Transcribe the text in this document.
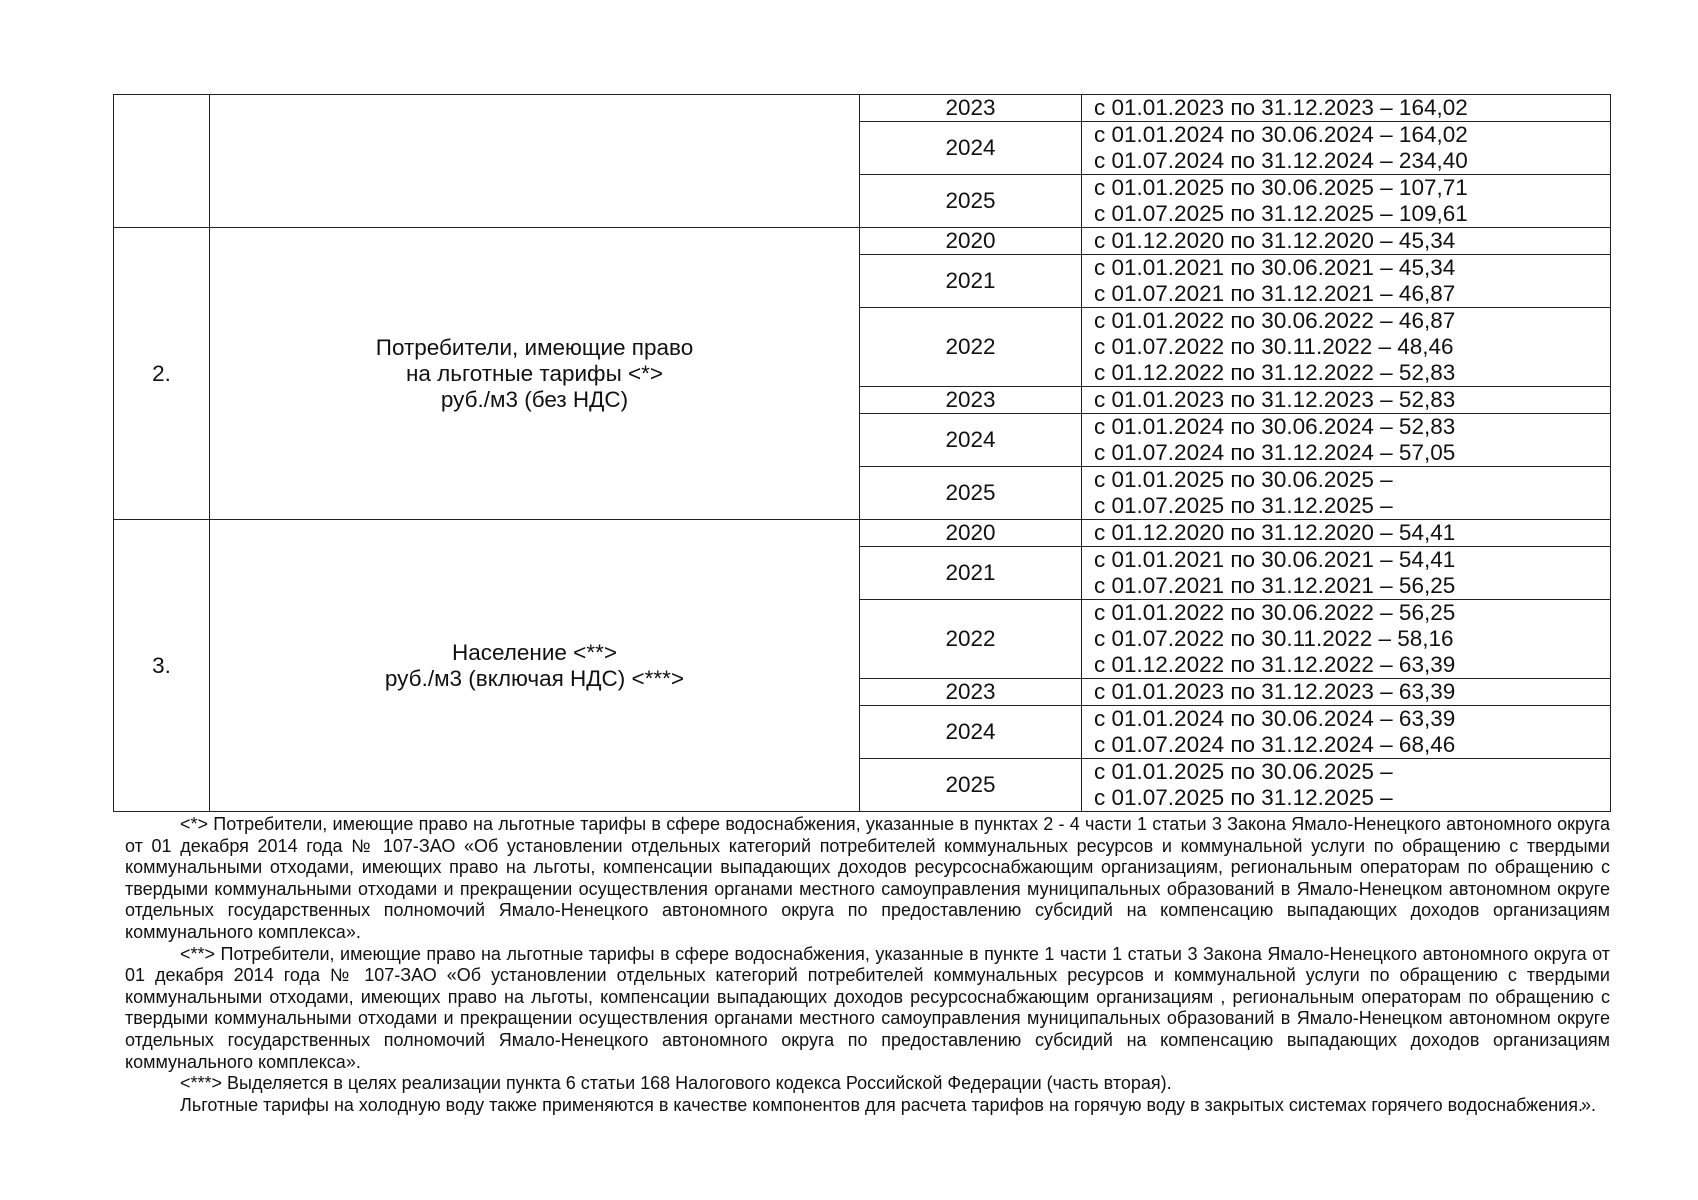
		2023	с 01.01.2023 по 31.12.2023 – 164,02

		2024	с 01.01.2024 по 30.06.2024 – 164,02
с 01.07.2024 по 31.12.2024 – 234,40

		2025	с 01.01.2025 по 30.06.2025 – 107,71
с 01.07.2025 по 31.12.2025 – 109,61

2.	Потребители, имеющие право
на льготные тарифы <*>
руб./м3 (без НДС)	2020	с 01.12.2020 по 31.12.2020 – 45,34

		2021	с 01.01.2021 по 30.06.2021 – 45,34
с 01.07.2021 по 31.12.2021 – 46,87

		2022	с 01.01.2022 по 30.06.2022 – 46,87
с 01.07.2022 по 30.11.2022 – 48,46
с 01.12.2022 по 31.12.2022 – 52,83

		2023	с 01.01.2023 по 31.12.2023 – 52,83

		2024	с 01.01.2024 по 30.06.2024 – 52,83
с 01.07.2024 по 31.12.2024 – 57,05

		2025	с 01.01.2025 по 30.06.2025 –
с 01.07.2025 по 31.12.2025 –

3.	Население <**>
руб./м3 (включая НДС) <***>	2020	с 01.12.2020 по 31.12.2020 – 54,41

		2021	с 01.01.2021 по 30.06.2021 – 54,41
с 01.07.2021 по 31.12.2021 – 56,25

		2022	с 01.01.2022 по 30.06.2022 – 56,25
с 01.07.2022 по 30.11.2022 – 58,16
с 01.12.2022 по 31.12.2022 – 63,39

		2023	с 01.01.2023 по 31.12.2023 – 63,39

		2024	с 01.01.2024 по 30.06.2024 – 63,39
с 01.07.2024 по 31.12.2024 – 68,46

		2025	с 01.01.2025 по 30.06.2025 –
с 01.07.2025 по 31.12.2025 –

<*> Потребители, имеющие право на льготные тарифы в сфере водоснабжения, указанные в пунктах 2 - 4 части 1 статьи 3 Закона Ямало-Ненецкого автономного округа от 01 декабря 2014 года № 107-ЗАО «Об установлении отдельных категорий потребителей коммунальных ресурсов и коммунальной услуги по обращению с твердыми коммунальными отходами, имеющих право на льготы, компенсации выпадающих доходов ресурсоснабжающим организациям, региональным операторам по обращению с твердыми коммунальными отходами и прекращении осуществления органами местного самоуправления муниципальных образований в Ямало-Ненецком автономном округе отдельных государственных полномочий Ямало-Ненецкого автономного округа по предоставлению субсидий на компенсацию выпадающих доходов организациям коммунального комплекса».

<**> Потребители, имеющие право на льготные тарифы в сфере водоснабжения, указанные в пункте 1 части 1 статьи 3 Закона Ямало-Ненецкого автономного округа от 01 декабря 2014 года № 107-ЗАО «Об установлении отдельных категорий потребителей коммунальных ресурсов и коммунальной услуги по обращению с твердыми коммунальными отходами, имеющих право на льготы, компенсации выпадающих доходов ресурсоснабжающим организациям , региональным операторам по обращению с твердыми коммунальными отходами и прекращении осуществления органами местного самоуправления муниципальных образований в Ямало-Ненецком автономном округе отдельных государственных полномочий Ямало-Ненецкого автономного округа по предоставлению субсидий на компенсацию выпадающих доходов организациям коммунального комплекса».

<***> Выделяется в целях реализации пункта 6 статьи 168 Налогового кодекса Российской Федерации (часть вторая).

Льготные тарифы на холодную воду также применяются в качестве компонентов для расчета тарифов на горячую воду в закрытых системах горячего водоснабжения.

».
